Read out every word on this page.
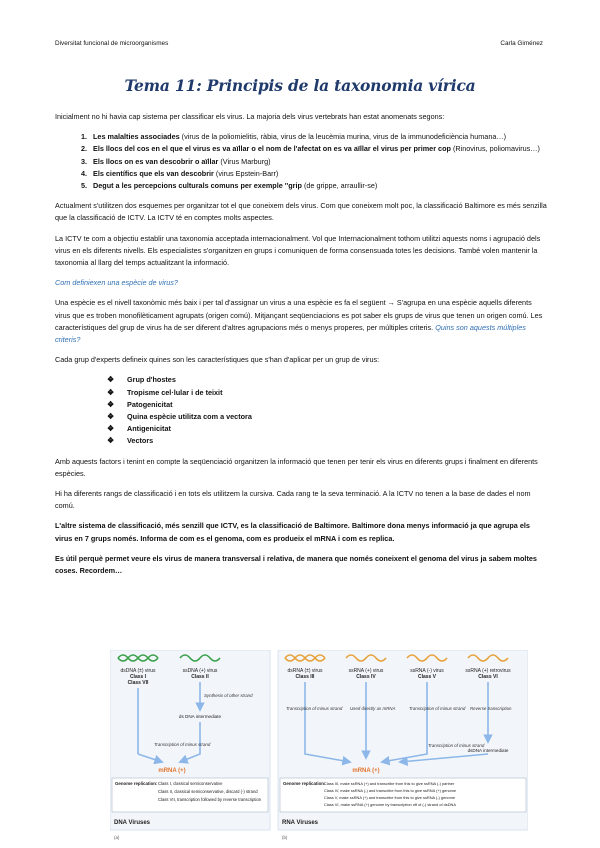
Diversitat funcional de microorganismes	Carla Giménez
Tema 11: Principis de la taxonomia vírica

Inicialment no hi havia cap sistema per classificar els virus. La majoria dels virus vertebrats han estat anomenats segons:

1. Les malalties associades (virus de la poliomielitis, ràbia, virus de la leucèmia murina, virus de la immunodeficiència humana…)
2. Els llocs del cos en el que el virus es va aïllar o el nom de l'afectat on es va aïllar el virus per primer cop (Rinovirus, poliomavirus…)
3. Els llocs on es van descobrir o aïllar (Virus Marburg)
4. Els científics que els van descobrir (virus Epstein-Barr)
5. Degut a les percepcions culturals comuns per exemple ''grip (de grippe, arraullir-se)

Actualment s'utilitzen dos esquemes per organitzar tot el que coneixem dels virus. Com que coneixem molt poc, la classificació Baltimore es més senzilla que la classificació de ICTV. La ICTV té en comptes molts aspectes.

La ICTV te com a objectiu establir una taxonomia acceptada internacionalment. Vol que Internacionalment tothom utilitzi aquests noms i agrupació dels virus en els diferents nivells. Els especialistes s'organitzen en grups i comuniquen de forma consensuada totes les decisions. També volen mantenir la taxonomia al llarg del temps actualitzant la informació.

Com definiexen una espècie de virus?

Una espècie es el nivell taxonòmic més baix i per tal d'assignar un virus a una espècie es fa el següent → S'agrupa en una espècie aquells diferents virus que es troben monofilèticament agrupats (origen comú). Mitjançant seqüenciacions es pot saber els grups de virus que tenen un origen comú. Les característiques del grup de virus ha de ser diferent d'altres agrupacions més o menys properes, per múltiples criteris. Quins son aquests múltiples criteris?

Cada grup d'experts defineix quines son les característiques que s'han d'aplicar per un grup de virus:

❖ Grup d'hostes
❖ Tropisme cel·lular i de teixit
❖ Patogenicitat
❖ Quina espècie utilitza com a vectora
❖ Antigenicitat
❖ Vectors

Amb aquests factors i tenint en compte la seqüenciació organitzen la informació que tenen per tenir els virus en diferents grups i finalment en diferents espècies.

Hi ha diferents rangs de classificació i en tots els utilitzem la cursiva. Cada rang te la seva terminació. A la ICTV no tenen a la base de dades el nom comú.

L'altre sistema de classificació, més senzill que ICTV, es la classificació de Baltimore. Baltimore dona menys informació ja que agrupa els virus en 7 grups només. Informa de com es el genoma, com es produeix el mRNA i com es replica.

Es útil perquè permet veure els virus de manera transversal i relativa, de manera que només coneixent el genoma del virus ja sabem moltes coses. Recordem…

dsDNA (±) virus
Class I
Class VII
ssDNA (+) virus
Class II
Synthesis of other strand
ds DNA intermediate
Transcription of minus strand
mRNA (+)
Genome replication: Class I, classical semiconservative
Class II, classical semiconservative, discard (-) strand
Class VII, transcription followed by reverse transcription
DNA Viruses
(a)
dsRNA (±) virus
Class III
ssRNA (+) virus
Class IV
ssRNA (-) virus
Class V
ssRNA (+) retrovirus
Class VI
Transcription of minus strand Used directly as mRNA	Transcription of minus strand Reverse transcription
Transcription of minus strand
dsDNA intermediate
mRNA (+)
Genome replication:
Class III, make ssRNA (+) and transcribe from this to give ssRNA (-) partner
Class IV, make ssRNA (-) and transcribe from this to give ssRNA (+) genome
Class V, make ssRNA (+) and transcribe from this to give ssRNA (-) genome
Class VI, make ssRNA (+) genome by transcription off of (-) strand of dsDNA
RNA Viruses
(b)
